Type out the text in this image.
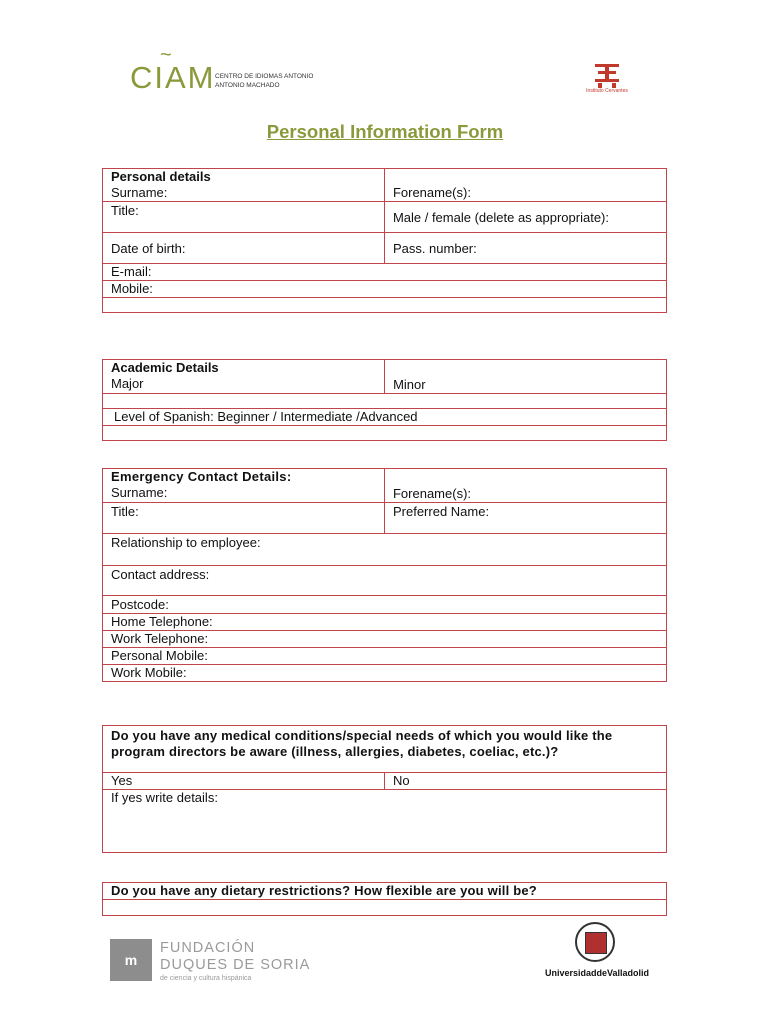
~
CIAM CENTRO DE IDIOMAS ANTONIO
ANTONIO MACHADO
Instituto Cervantes
Personal Information Form
Personal details
Surname:	Forename(s):
Title:	Male / female (delete as appropriate):
Date of birth:	Pass. number:
E-mail:	
Mobile:	

Academic Details
Major	Minor

Level of Spanish: Beginner / Intermediate /Advanced

Emergency Contact Details:
Surname:	Forename(s):
Title:	Preferred Name:
Relationship to employee:	
Contact address:	
Postcode:	
Home Telephone:	
Work Telephone:	
Personal Mobile:	
Work Mobile:	
Do you have any medical conditions/special needs of which you would like the program directors be aware (illness, allergies, diabetes, coeliac, etc.)?

Yes	No
If yes write details:
Do you have any dietary restrictions? How flexible are you will be?

m
FUNDACIÓN
DUQUES DE SORIA
de ciencia y cultura hispánica
UniversidaddeValladolid
